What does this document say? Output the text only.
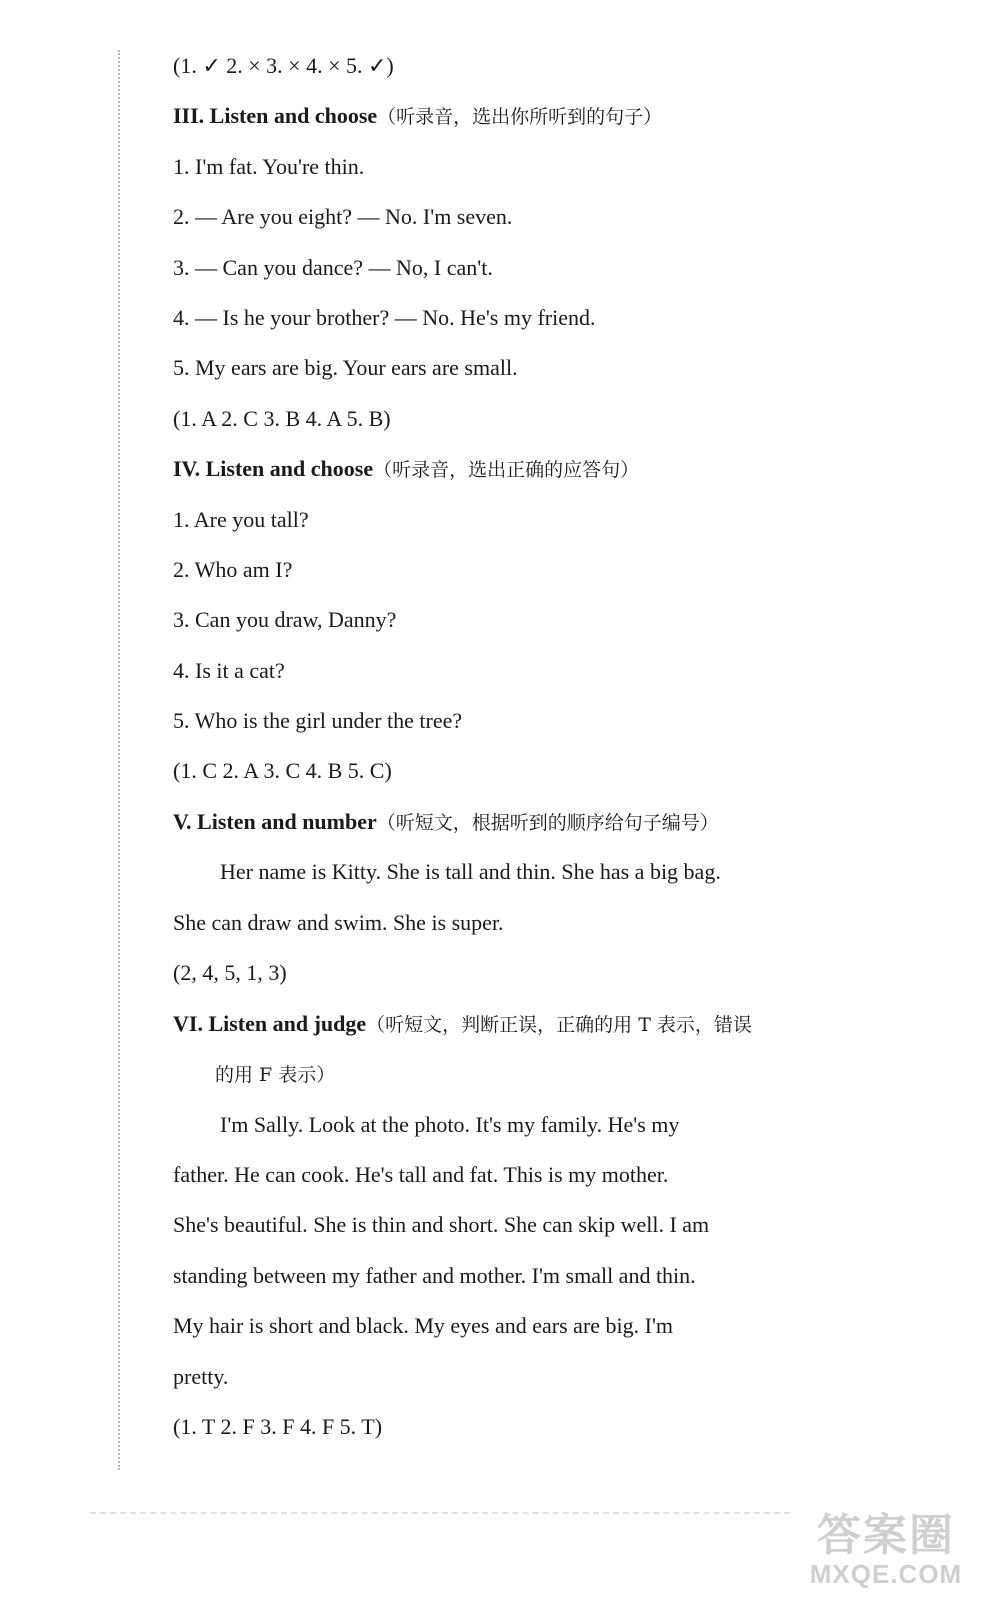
(1. ✓ 2. × 3. × 4. × 5. ✓)
III. Listen and choose（听录音，选出你所听到的句子）
1. I'm fat. You're thin.
2. — Are you eight? — No. I'm seven.
3. — Can you dance? — No, I can't.
4. — Is he your brother? — No. He's my friend.
5. My ears are big. Your ears are small.
(1. A 2. C 3. B 4. A 5. B)
IV. Listen and choose（听录音，选出正确的应答句）
1. Are you tall?
2. Who am I?
3. Can you draw, Danny?
4. Is it a cat?
5. Who is the girl under the tree?
(1. C 2. A 3. C 4. B 5. C)
V. Listen and number（听短文，根据听到的顺序给句子编号）
Her name is Kitty. She is tall and thin. She has a big bag.
She can draw and swim. She is super.
(2, 4, 5, 1, 3)
VI. Listen and judge（听短文，判断正误，正确的用 T 表示，错误
的用 F 表示）
I'm Sally. Look at the photo. It's my family. He's my
father. He can cook. He's tall and fat. This is my mother.
She's beautiful. She is thin and short. She can skip well. I am
standing between my father and mother. I'm small and thin.
My hair is short and black. My eyes and ears are big. I'm
pretty.
(1. T 2. F 3. F 4. F 5. T)
答案圈
MXQE.COM
